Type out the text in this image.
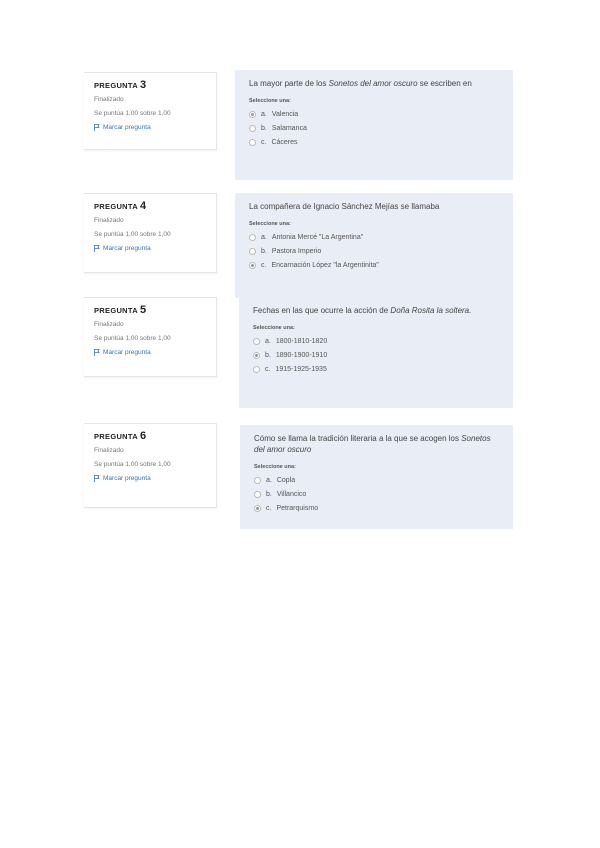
PREGUNTA 3
Finalizado
Se puntúa 1,00 sobre 1,00
Marcar pregunta
La mayor parte de los Sonetos del amor oscuro se escriben en
Seleccione una:
a. Valencia
b. Salamanca
c. Cáceres
PREGUNTA 4
Finalizado
Se puntúa 1,00 sobre 1,00
Marcar pregunta
La compañera de Ignacio Sánchez Mejías se llamaba
Seleccione una:
a. Antonia Mercé "La Argentina"
b. Pastora Imperio
c. Encarnación López "la Argentinita"
PREGUNTA 5
Finalizado
Se puntúa 1,00 sobre 1,00
Marcar pregunta
Fechas en las que ocurre la acción de Doña Rosita la soltera.
Seleccione una:
a. 1800-1810-1820
b. 1890-1900-1910
c. 1915-1925-1935
PREGUNTA 6
Finalizado
Se puntúa 1,00 sobre 1,00
Marcar pregunta
Cómo se llama la tradición literaria a la que se acogen los Sonetos del amor oscuro
Seleccione una:
a. Copla
b. Villancico
c. Petrarquismo
